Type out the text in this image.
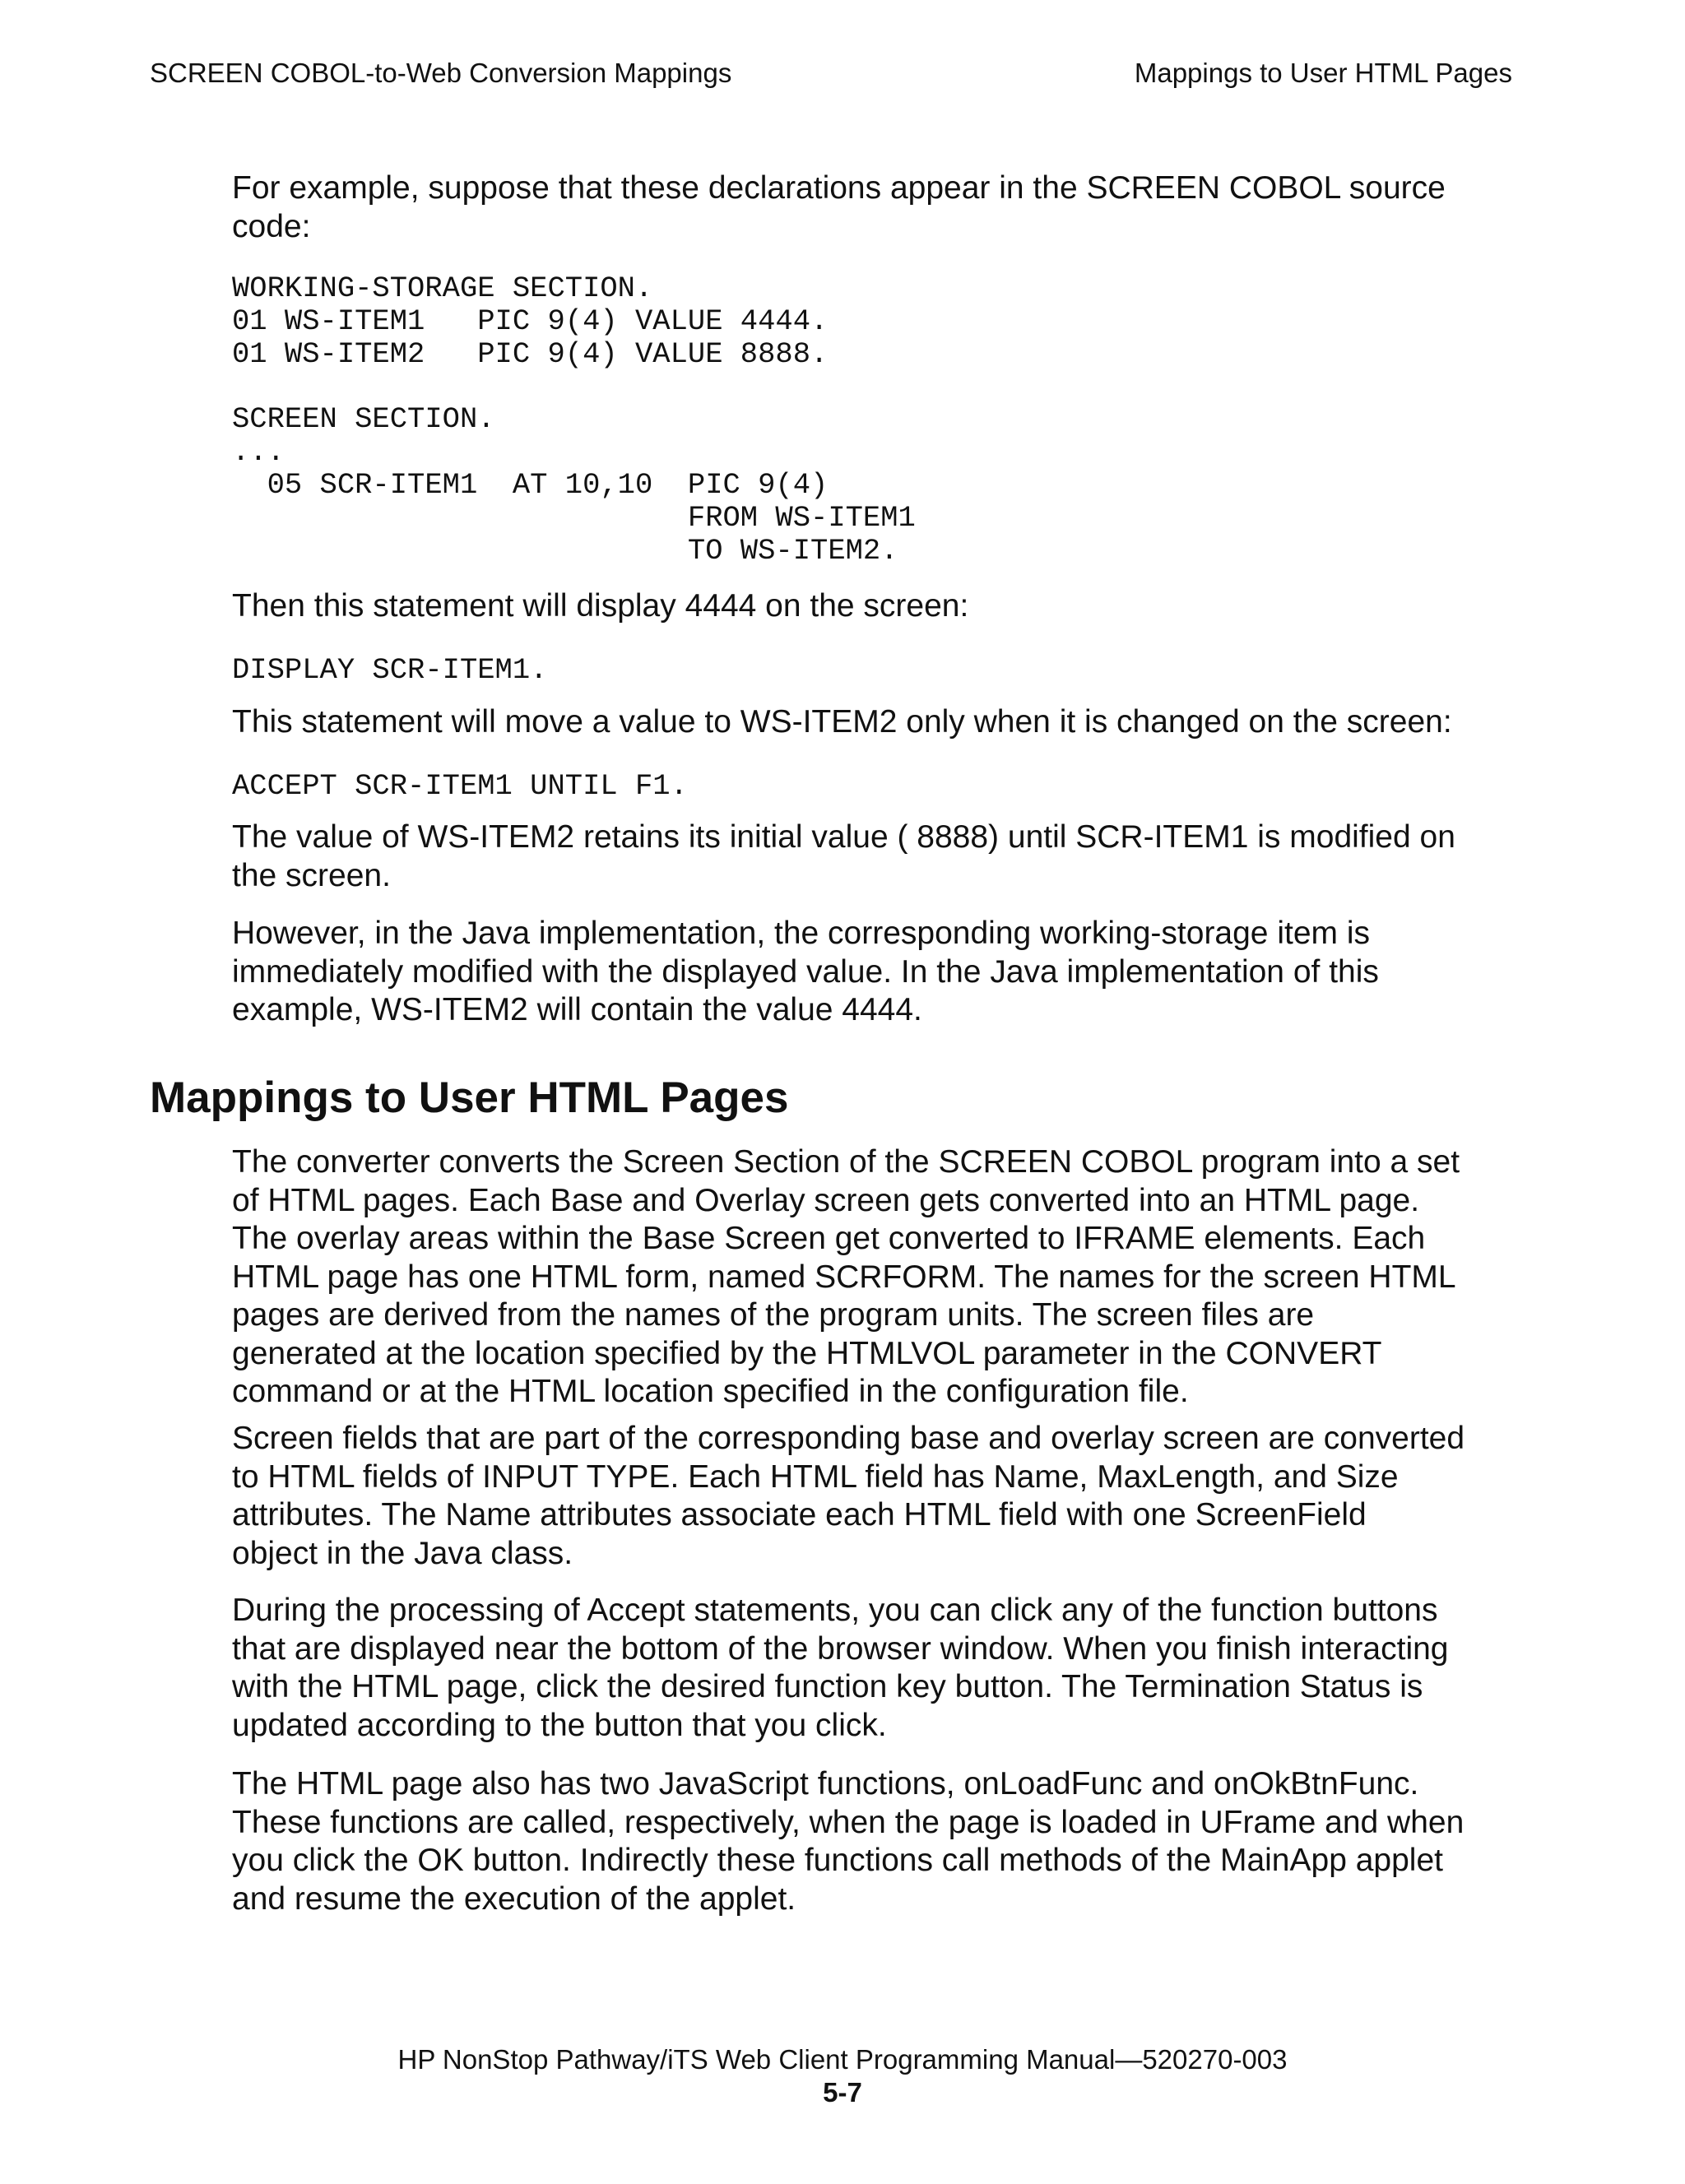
SCREEN COBOL-to-Web Conversion Mappings	Mappings to User HTML Pages
For example, suppose that these declarations appear in the SCREEN COBOL source
code:
WORKING-STORAGE SECTION.
01 WS-ITEM1   PIC 9(4) VALUE 4444.
01 WS-ITEM2   PIC 9(4) VALUE 8888.
SCREEN SECTION.
...
05 SCR-ITEM1  AT 10,10  PIC 9(4)
FROM WS-ITEM1
TO WS-ITEM2.
Then this statement will display 4444 on the screen:
DISPLAY SCR-ITEM1.
This statement will move a value to WS-ITEM2 only when it is changed on the screen:
ACCEPT SCR-ITEM1 UNTIL F1.
The value of WS-ITEM2 retains its initial value ( 8888) until SCR-ITEM1 is modified on
the screen.
However, in the Java implementation, the corresponding working-storage item is
immediately modified with the displayed value. In the Java implementation of this
example, WS-ITEM2 will contain the value 4444.
Mappings to User HTML Pages
The converter converts the Screen Section of the SCREEN COBOL program into a set
of HTML pages. Each Base and Overlay screen gets converted into an HTML page.
The overlay areas within the Base Screen get converted to IFRAME elements. Each
HTML page has one HTML form, named SCRFORM. The names for the screen HTML
pages are derived from the names of the program units. The screen files are
generated at the location specified by the HTMLVOL parameter in the CONVERT
command or at the HTML location specified in the configuration file.
Screen fields that are part of the corresponding base and overlay screen are converted
to HTML fields of INPUT TYPE. Each HTML field has Name, MaxLength, and Size
attributes. The Name attributes associate each HTML field with one ScreenField
object in the Java class.
During the processing of Accept statements, you can click any of the function buttons
that are displayed near the bottom of the browser window. When you finish interacting
with the HTML page, click the desired function key button. The Termination Status is
updated according to the button that you click.
The HTML page also has two JavaScript functions, onLoadFunc and onOkBtnFunc.
These functions are called, respectively, when the page is loaded in UFrame and when
you click the OK button. Indirectly these functions call methods of the MainApp applet
and resume the execution of the applet.
HP NonStop Pathway/iTS Web Client Programming Manual—520270-003
5-7
